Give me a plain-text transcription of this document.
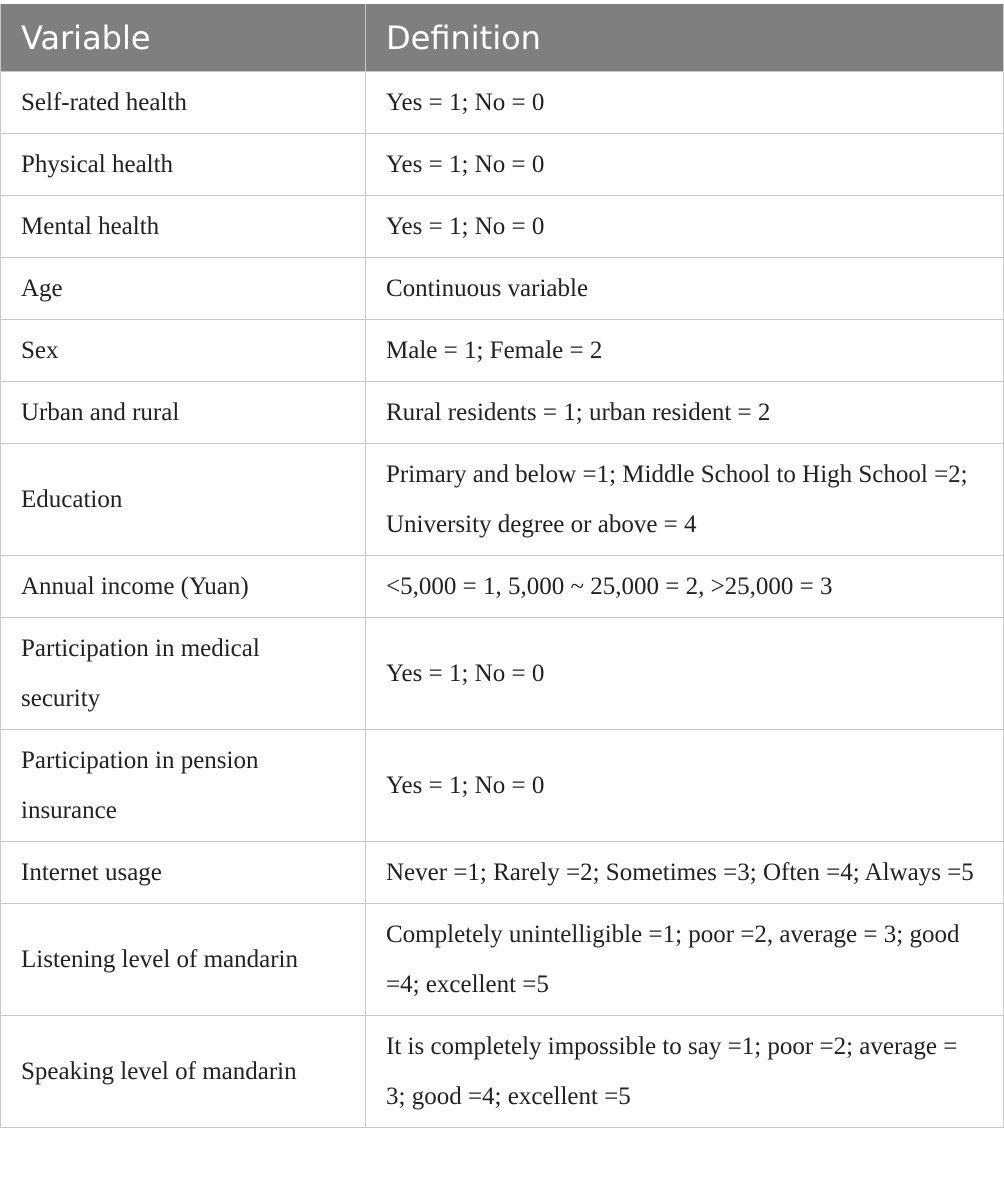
Variable	Definition
Self-rated health	Yes = 1; No = 0
Physical health	Yes = 1; No = 0
Mental health	Yes = 1; No = 0
Age	Continuous variable
Sex	Male = 1; Female = 2
Urban and rural	Rural residents = 1; urban resident = 2
Education	Primary and below =1; Middle School to High School =2; University degree or above = 4
Annual income (Yuan)	<5,000 = 1, 5,000 ~ 25,000 = 2, >25,000 = 3
Participation in medical security	Yes = 1; No = 0
Participation in pension insurance	Yes = 1; No = 0
Internet usage	Never =1; Rarely =2; Sometimes =3; Often =4; Always =5
Listening level of mandarin	Completely unintelligible =1; poor =2, average = 3; good =4; excellent =5
Speaking level of mandarin	It is completely impossible to say =1; poor =2; average = 3; good =4; excellent =5
